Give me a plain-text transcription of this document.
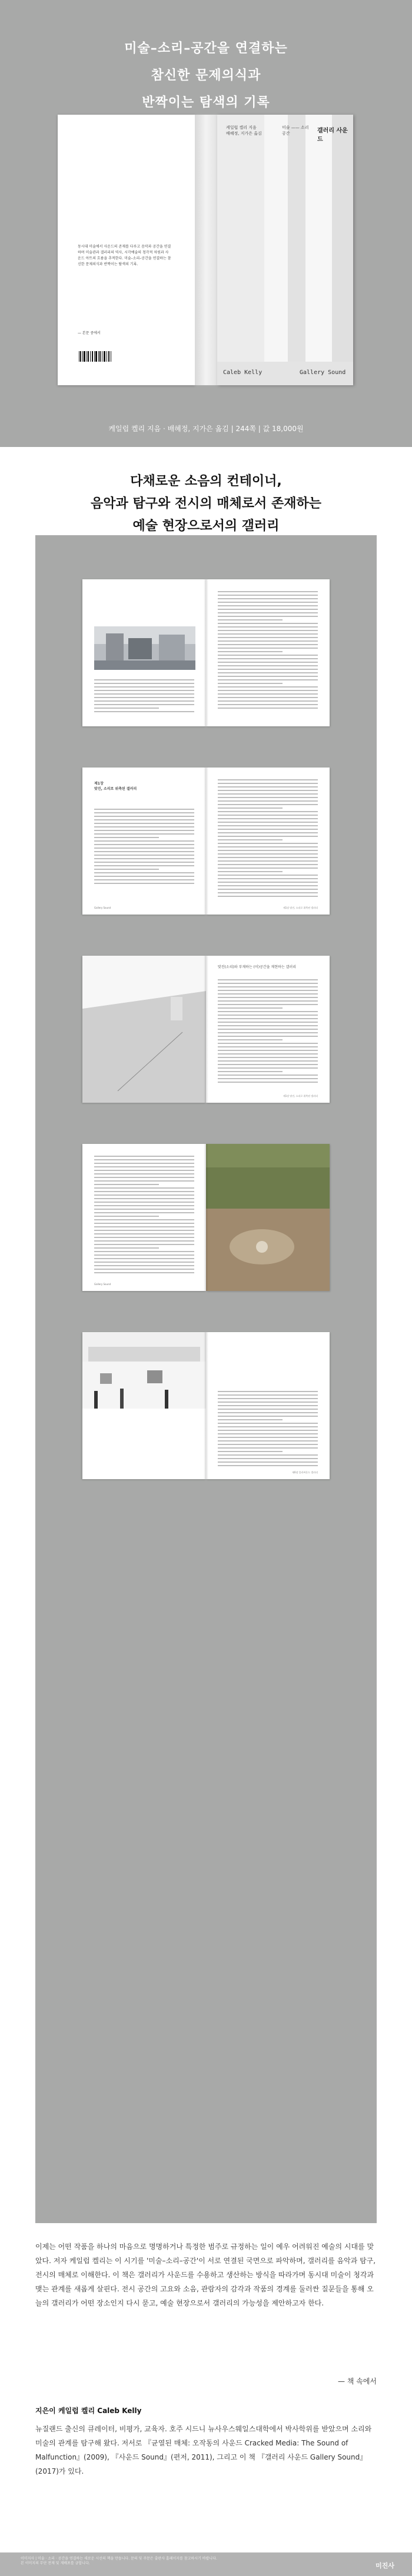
미술–소리–공간을 연결하는
참신한 문제의식과
반짝이는 탐색의 기록
동시대 미술에서 사운드의 존재를 다루고 음악과 공간을 연결하며 미술관과 갤러리의 역사, 시각예술의 청각적 차원과 사운드 아트의 흐름을 추적한다. 미술–소리–공간을 연결하는 참신한 문제의식과 반짝이는 탐색의 기록.
— 본문 중에서
케일럽 켈리 지음
배혜정, 지가은 옮김
미술 —— 소리
공간	갤러리 사운드
Caleb Kelly	Gallery Sound
케일럽 켈리 지음 · 배혜정, 지가은 옮김 | 244쪽 | 값 18,000원
다채로운 소음의 컨테이너,
음악과 탐구와 전시의 매체로서 존재하는
예술 현장으로서의 갤러리
제1장
맞진, 소리로 위축된 갤러리
Gallery Sound	제1장 맞진, 소리로 위축된 갤러리
맞진(소리)와 부재하는 (이)공간을 재현하는 갤러리
제1장 맞진, 소리로 위축된 갤러리
Gallery Sound
제6장 블러싸운드 갤러리
이제는 어떤 작품을 하나의 마음으로 명명하거나 특정한 범주로 규정하는 일이 예우 어려워진 예술의 시대를 맞았다. 저자 케일럽 켈리는 이 시기를 '미술–소리–공간'이 서로 연결된 국면으로 파악하며, 갤러리를 음악과 탐구, 전시의 매체로 이해한다. 이 책은 갤러리가 사운드를 수용하고 생산하는 방식을 따라가며 동시대 미술이 청각과 맺는 관계를 새롭게 살핀다. 전시 공간의 고요와 소음, 관람자의 감각과 작품의 경계를 둘러싼 질문들을 통해 오늘의 갤러리가 어떤 장소인지 다시 묻고, 예술 현장으로서 갤러리의 가능성을 제안하고자 한다.
— 책 속에서
지은이 케일럽 켈리 Caleb Kelly
뉴질랜드 출신의 큐레이터, 비평가, 교육자. 호주 시드니 뉴사우스웨일스대학에서 박사학위를 받았으며 소리와 미술의 관계를 탐구해 왔다. 저서로 『균열된 매체: 오작동의 사운드 Cracked Media: The Sound of Malfunction』(2009), 『사운드 Sound』(편저, 2011), 그리고 이 책 『갤러리 사운드 Gallery Sound』(2017)가 있다.
이미지사 | 미술 · 소리 · 공간을 연결하는 새로운 시선의 책을 만듭니다. 문의 및 주문은 출판사 홈페이지를 참고하시기 바랍니다.
본 이미지의 무단 전재 및 재배포를 금합니다.	미진사
